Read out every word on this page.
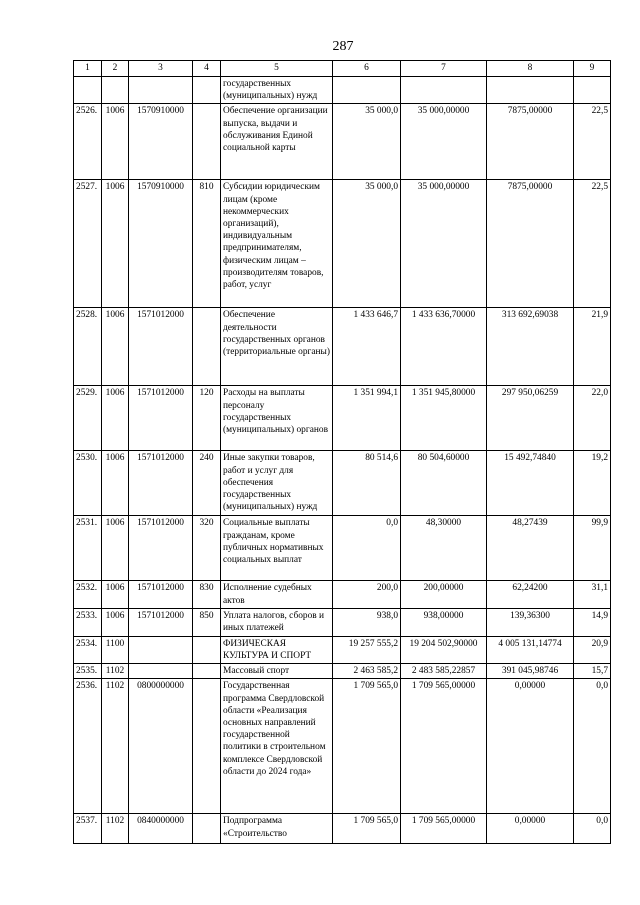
287
1	2	3	4	5	6	7	8	9
				государственных (муниципальных) нужд				
2526.	1006	1570910000		Обеспечение организации выпуска, выдачи и обслуживания Единой социальной карты	35 000,0	35 000,00000	7875,00000	22,5
2527.	1006	1570910000	810	Субсидии юридическим лицам (кроме некоммерческих организаций), индивидуальным предпринимателям, физическим лицам – производителям товаров, работ, услуг	35 000,0	35 000,00000	7875,00000	22,5
2528.	1006	1571012000		Обеспечение деятельности государственных органов (территориальные органы)	1 433 646,7	1 433 636,70000	313 692,69038	21,9
2529.	1006	1571012000	120	Расходы на выплаты персоналу государственных (муниципальных) органов	1 351 994,1	1 351 945,80000	297 950,06259	22,0
2530.	1006	1571012000	240	Иные закупки товаров, работ и услуг для обеспечения государственных (муниципальных) нужд	80 514,6	80 504,60000	15 492,74840	19,2
2531.	1006	1571012000	320	Социальные выплаты гражданам, кроме публичных нормативных социальных выплат	0,0	48,30000	48,27439	99,9
2532.	1006	1571012000	830	Исполнение судебных актов	200,0	200,00000	62,24200	31,1
2533.	1006	1571012000	850	Уплата налогов, сборов и иных платежей	938,0	938,00000	139,36300	14,9
2534.	1100			ФИЗИЧЕСКАЯ КУЛЬТУРА И СПОРТ	19 257 555,2	19 204 502,90000	4 005 131,14774	20,9
2535.	1102			Массовый спорт	2 463 585,2	2 483 585,22857	391 045,98746	15,7
2536.	1102	0800000000		Государственная программа Свердловской области «Реализация основных направлений государственной политики в строительном комплексе Свердловской области до 2024 года»	1 709 565,0	1 709 565,00000	0,00000	0,0
2537.	1102	0840000000		Подпрограмма «Строительство	1 709 565,0	1 709 565,00000	0,00000	0,0
